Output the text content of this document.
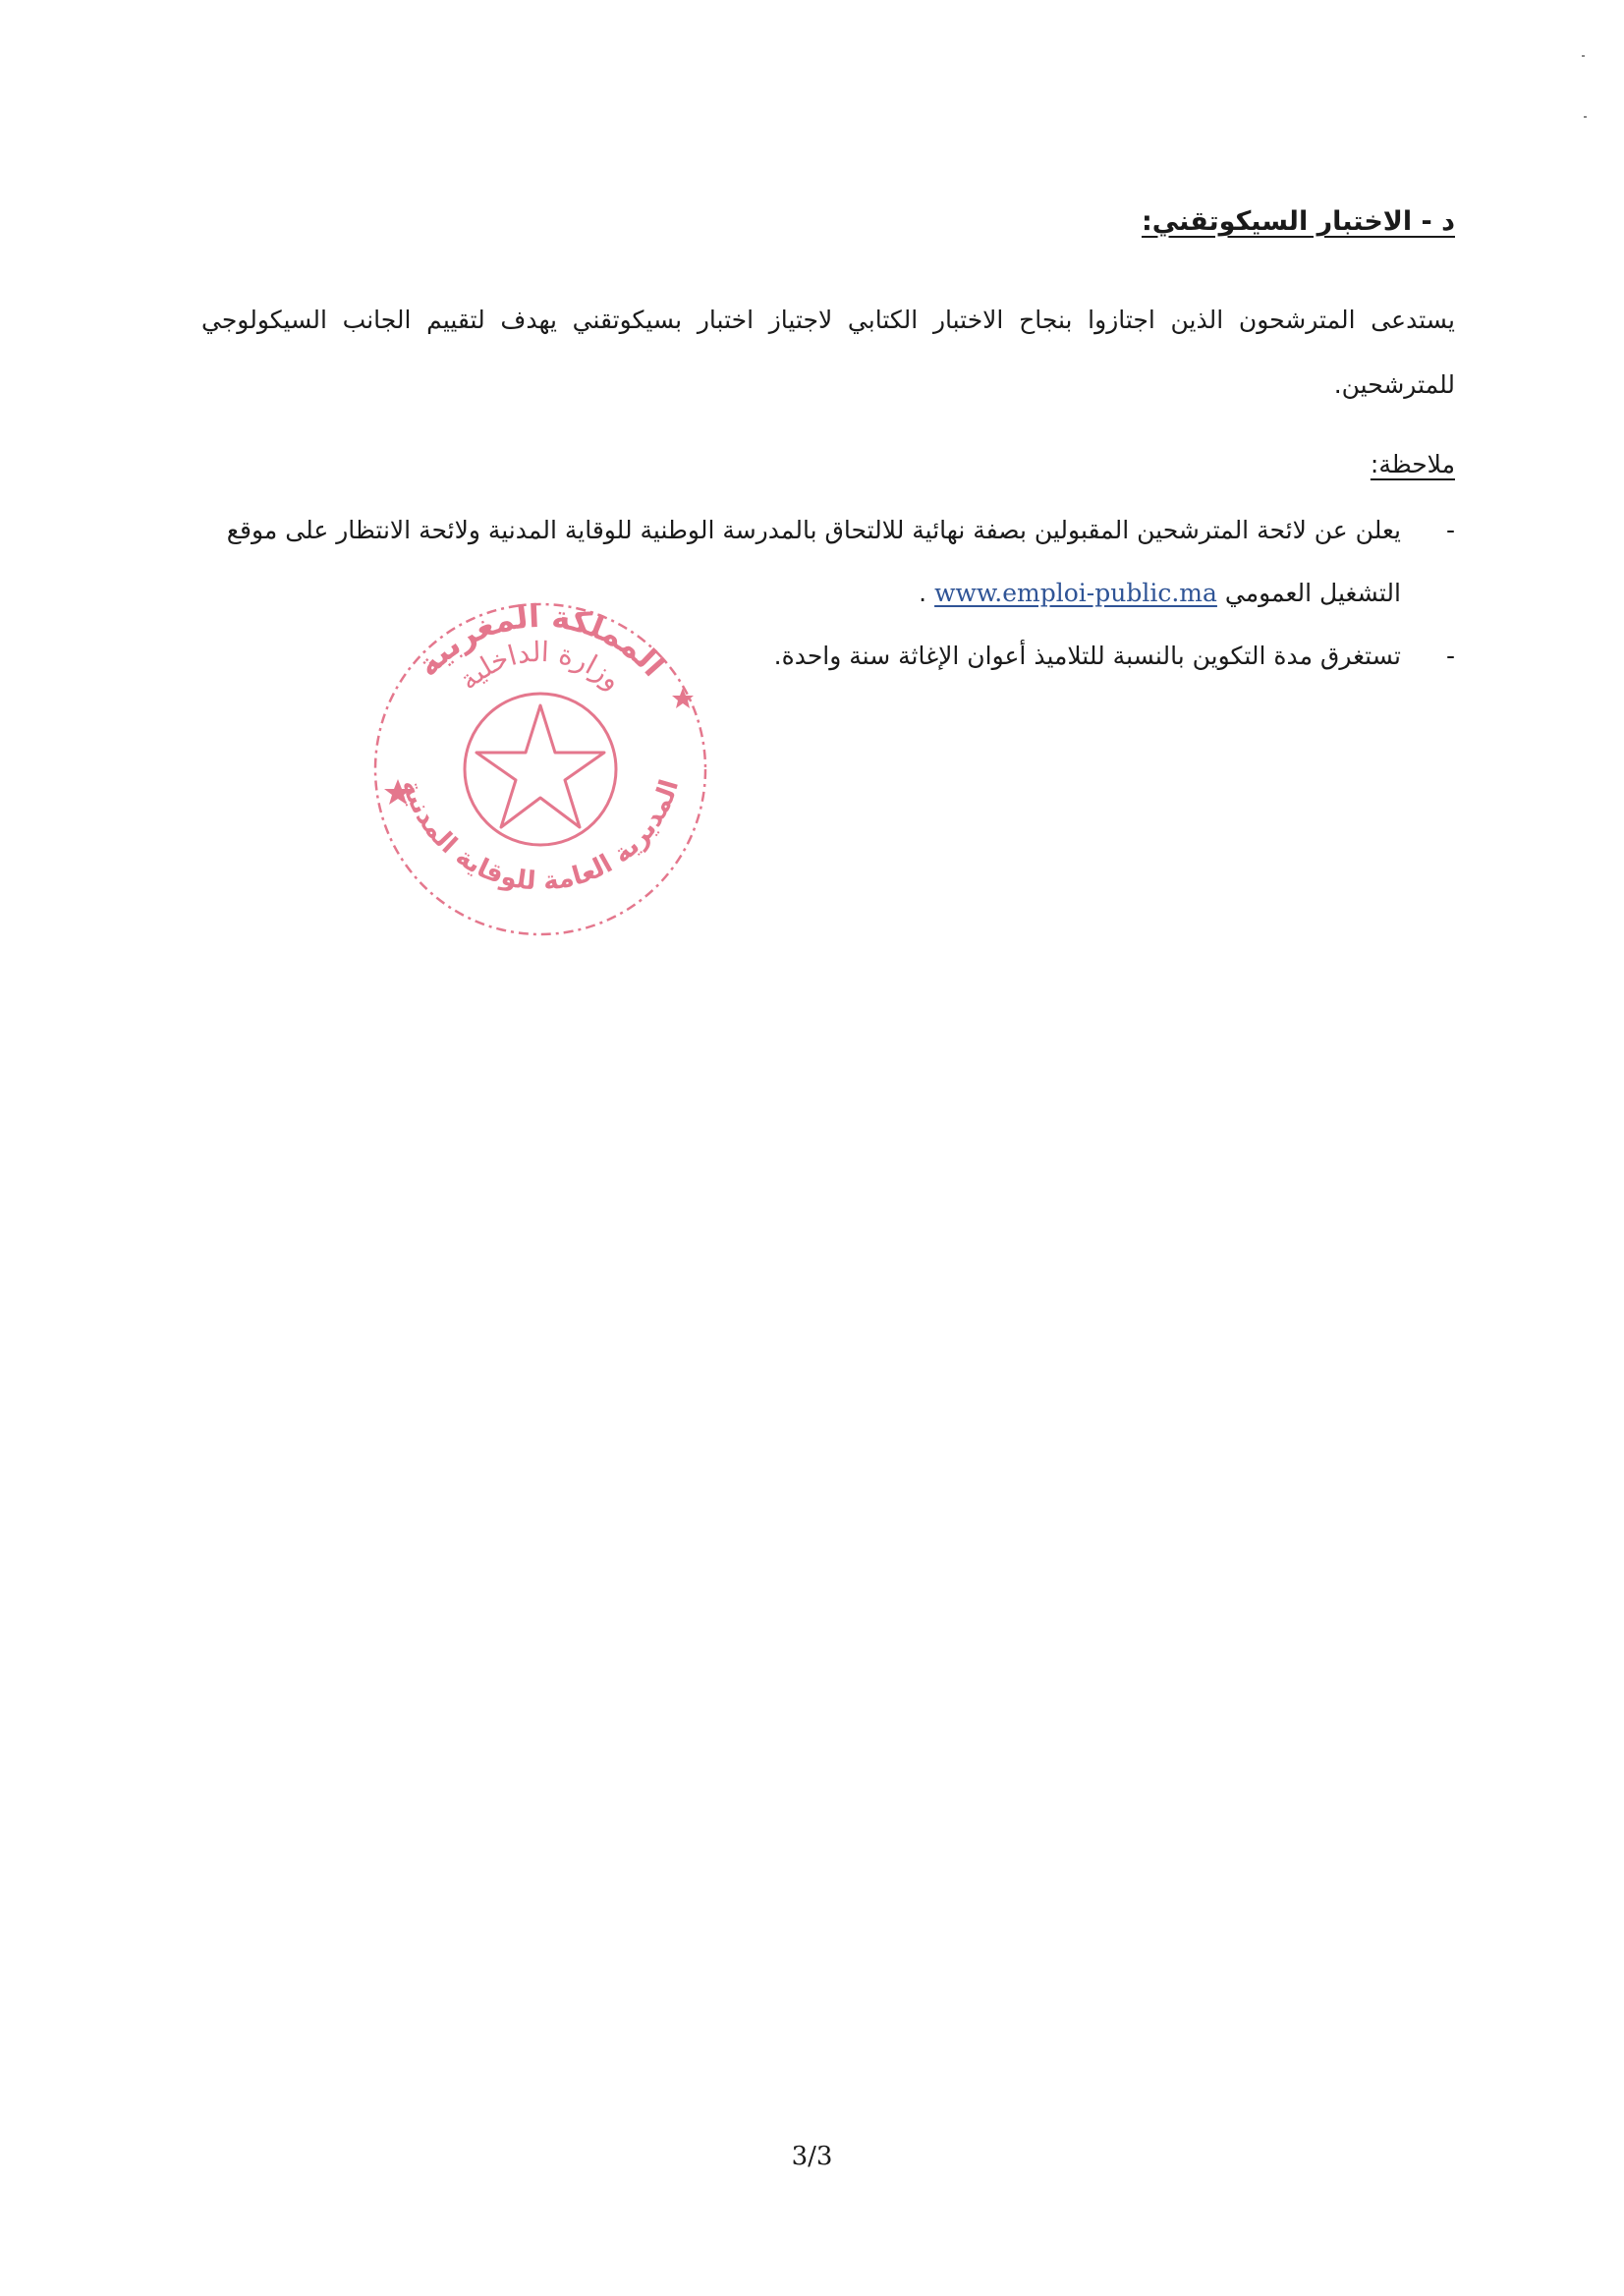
د - الاختبار السيكوتقني:

يستدعى المترشحون الذين اجتازوا بنجاح الاختبار الكتابي لاجتياز اختبار بسيكوتقني يهدف لتقييم الجانب السيكولوجي للمترشحين.

ملاحظة:
-
يعلن عن لائحة المترشحين المقبولين بصفة نهائية للالتحاق بالمدرسة الوطنية للوقاية المدنية ولائحة الانتظار على موقع التشغيل العمومي www.emploi-public.ma .
-
تستغرق مدة التكوين بالنسبة للتلاميذ أعوان الإغاثة سنة واحدة.
المملكة المغربية
وزارة الداخلية
المديرية العامة للوقاية المدنية
3/3
